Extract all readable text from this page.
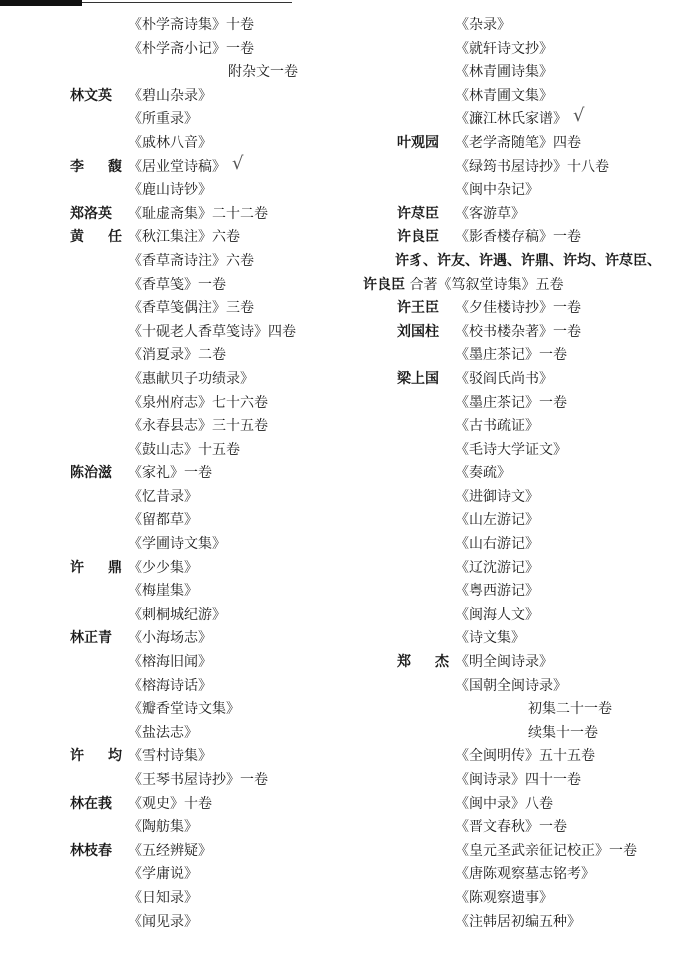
《朴学斋诗集》十卷
《朴学斋小记》一卷
附杂文一卷
林文英	《碧山杂录》
《所重录》
《戚林八音》
李 馥 《居业堂诗稿》 √
《鹿山诗钞》
郑洛英	《耻虚斋集》二十二卷
黄 任 《秋江集注》六卷
《香草斋诗注》六卷
《香草笺》一卷
《香草笺偶注》三卷
《十砚老人香草笺诗》四卷
《消夏录》二卷
《惠献贝子功绩录》
《泉州府志》七十六卷
《永春县志》三十五卷
《鼓山志》十五卷
陈治滋	《家礼》一卷
《忆昔录》
《留都草》
《学圃诗文集》
许 鼎 《少少集》
《梅崖集》
《刺桐城纪游》
林正青	《小海场志》
《榕海旧闻》
《榕海诗话》
《瓣香堂诗文集》
《盐法志》
许 均 《雪村诗集》
《王琴书屋诗抄》一卷
林在莪	《观史》十卷
《陶舫集》
林枝春	《五经辨疑》
《学庸说》
《日知录》
《闻见录》
《杂录》
《就轩诗文抄》
《林青圃诗集》
《林青圃文集》
《濂江林氏家谱》 √
叶观园	《老学斋随笔》四卷
《绿筠书屋诗抄》十八卷
《闽中杂记》
许荩臣	《客游草》
许良臣	《影香楼存稿》一卷
许豸、许友、许遇、许鼎、许均、许荩臣、
许良臣 合著《笃叙堂诗集》五卷
许王臣	《夕佳楼诗抄》一卷
刘国柱	《校书楼杂著》一卷
《墨庄茶记》一卷
梁上国	《驳阎氏尚书》
《墨庄茶记》一卷
《古书疏证》
《毛诗大学证文》
《奏疏》
《进御诗文》
《山左游记》
《山右游记》
《辽沈游记》
《粤西游记》
《闽海人文》
《诗文集》
郑 杰 《明全闽诗录》
《国朝全闽诗录》
初集二十一卷
续集十一卷
《全闽明传》五十五卷
《闽诗录》四十一卷
《闽中录》八卷
《晋文春秋》一卷
《皇元圣武亲征记校正》一卷
《唐陈观察墓志铭考》
《陈观察遗事》
《注韩居初编五种》
